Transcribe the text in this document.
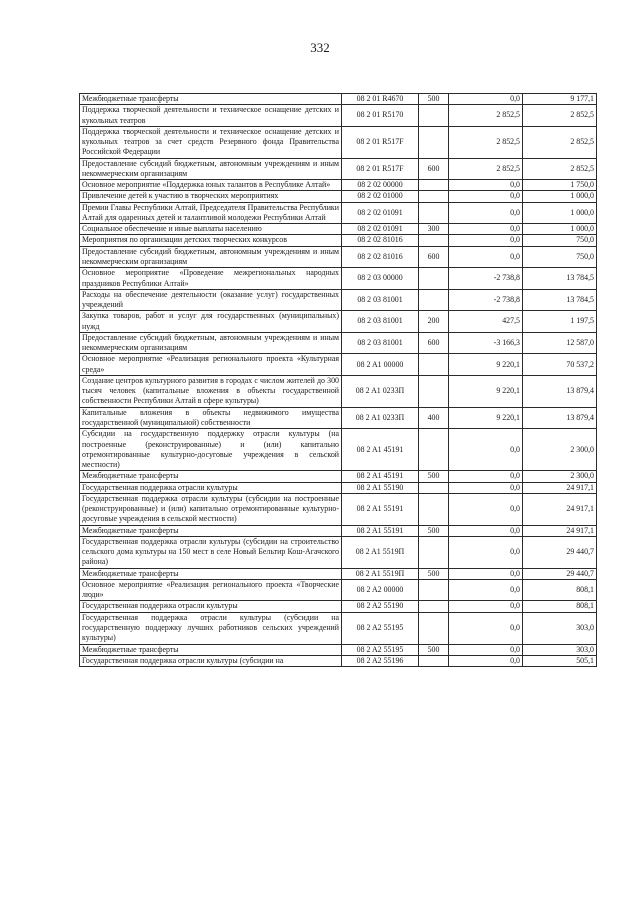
332
Межбюджетные трансферты	08 2 01 R4670	500	0,0	9 177,1
Поддержка творческой деятельности и техническое оснащение детских и кукольных театров	08 2 01 R5170		2 852,5	2 852,5
Поддержка творческой деятельности и техническое оснащение детских и кукольных театров за счет средств Резервного фонда Правительства Российской Федерации	08 2 01 R517F		2 852,5	2 852,5
Предоставление субсидий бюджетным, автономным учреждениям и иным некоммерческим организациям	08 2 01 R517F	600	2 852,5	2 852,5
Основное мероприятие «Поддержка юных талантов в Республике Алтай»	08 2 02 00000		0,0	1 750,0
Привлечение детей к участию в творческих мероприятиях	08 2 02 01000		0,0	1 000,0
Премии Главы Республики Алтай, Председателя Правительства Республики Алтай для одаренных детей и талантливой молодежи Республики Алтай	08 2 02 01091		0,0	1 000,0
Социальное обеспечение и иные выплаты населению	08 2 02 01091	300	0,0	1 000,0
Мероприятия по организации детских творческих конкурсов	08 2 02 81016		0,0	750,0
Предоставление субсидий бюджетным, автономным учреждениям и иным некоммерческим организациям	08 2 02 81016	600	0,0	750,0
Основное мероприятие «Проведение межрегиональных народных праздников Республики Алтай»	08 2 03 00000		-2 738,8	13 784,5
Расходы на обеспечение деятельности (оказание услуг) государственных учреждений	08 2 03 81001		-2 738,8	13 784,5
Закупка товаров, работ и услуг для государственных (муниципальных) нужд	08 2 03 81001	200	427,5	1 197,5
Предоставление субсидий бюджетным, автономным учреждениям и иным некоммерческим организациям	08 2 03 81001	600	-3 166,3	12 587,0
Основное мероприятие «Реализация регионального проекта «Культурная среда»	08 2 A1 00000		9 220,1	70 537,2
Создание центров культурного развития в городах с числом жителей до 300 тысяч человек (капитальные вложения в объекты государственной собственности Республики Алтай в сфере культуры)	08 2 A1 0233П		9 220,1	13 879,4
Капитальные вложения в объекты недвижимого имущества государственной (муниципальной) собственности	08 2 A1 0233П	400	9 220,1	13 879,4
Субсидии на государственную поддержку отрасли культуры (на построенные (реконструированные) и (или) капитально отремонтированные культурно-досуговые учреждения в сельской местности)	08 2 A1 45191		0,0	2 300,0
Межбюджетные трансферты	08 2 A1 45191	500	0,0	2 300,0
Государственная поддержка отрасли культуры	08 2 A1 55190		0,0	24 917,1
Государственная поддержка отрасли культуры (субсидии на построенные (реконструированные) и (или) капитально отремонтированные культурно-досуговые учреждения в сельской местности)	08 2 A1 55191		0,0	24 917,1
Межбюджетные трансферты	08 2 A1 55191	500	0,0	24 917,1
Государственная поддержка отрасли культуры (субсидии на строительство сельского дома культуры на 150 мест в селе Новый Бельтир Кош-Агачского района)	08 2 A1 5519П		0,0	29 440,7
Межбюджетные трансферты	08 2 A1 5519П	500	0,0	29 440,7
Основное мероприятие «Реализация регионального проекта «Творческие люди»	08 2 A2 00000		0,0	808,1
Государственная поддержка отрасли культуры	08 2 A2 55190		0,0	808,1
Государственная поддержка отрасли культуры (субсидии на государственную поддержку лучших работников сельских учреждений культуры)	08 2 A2 55195		0,0	303,0
Межбюджетные трансферты	08 2 A2 55195	500	0,0	303,0
Государственная поддержка отрасли культуры (субсидии на	08 2 A2 55196		0,0	505,1
